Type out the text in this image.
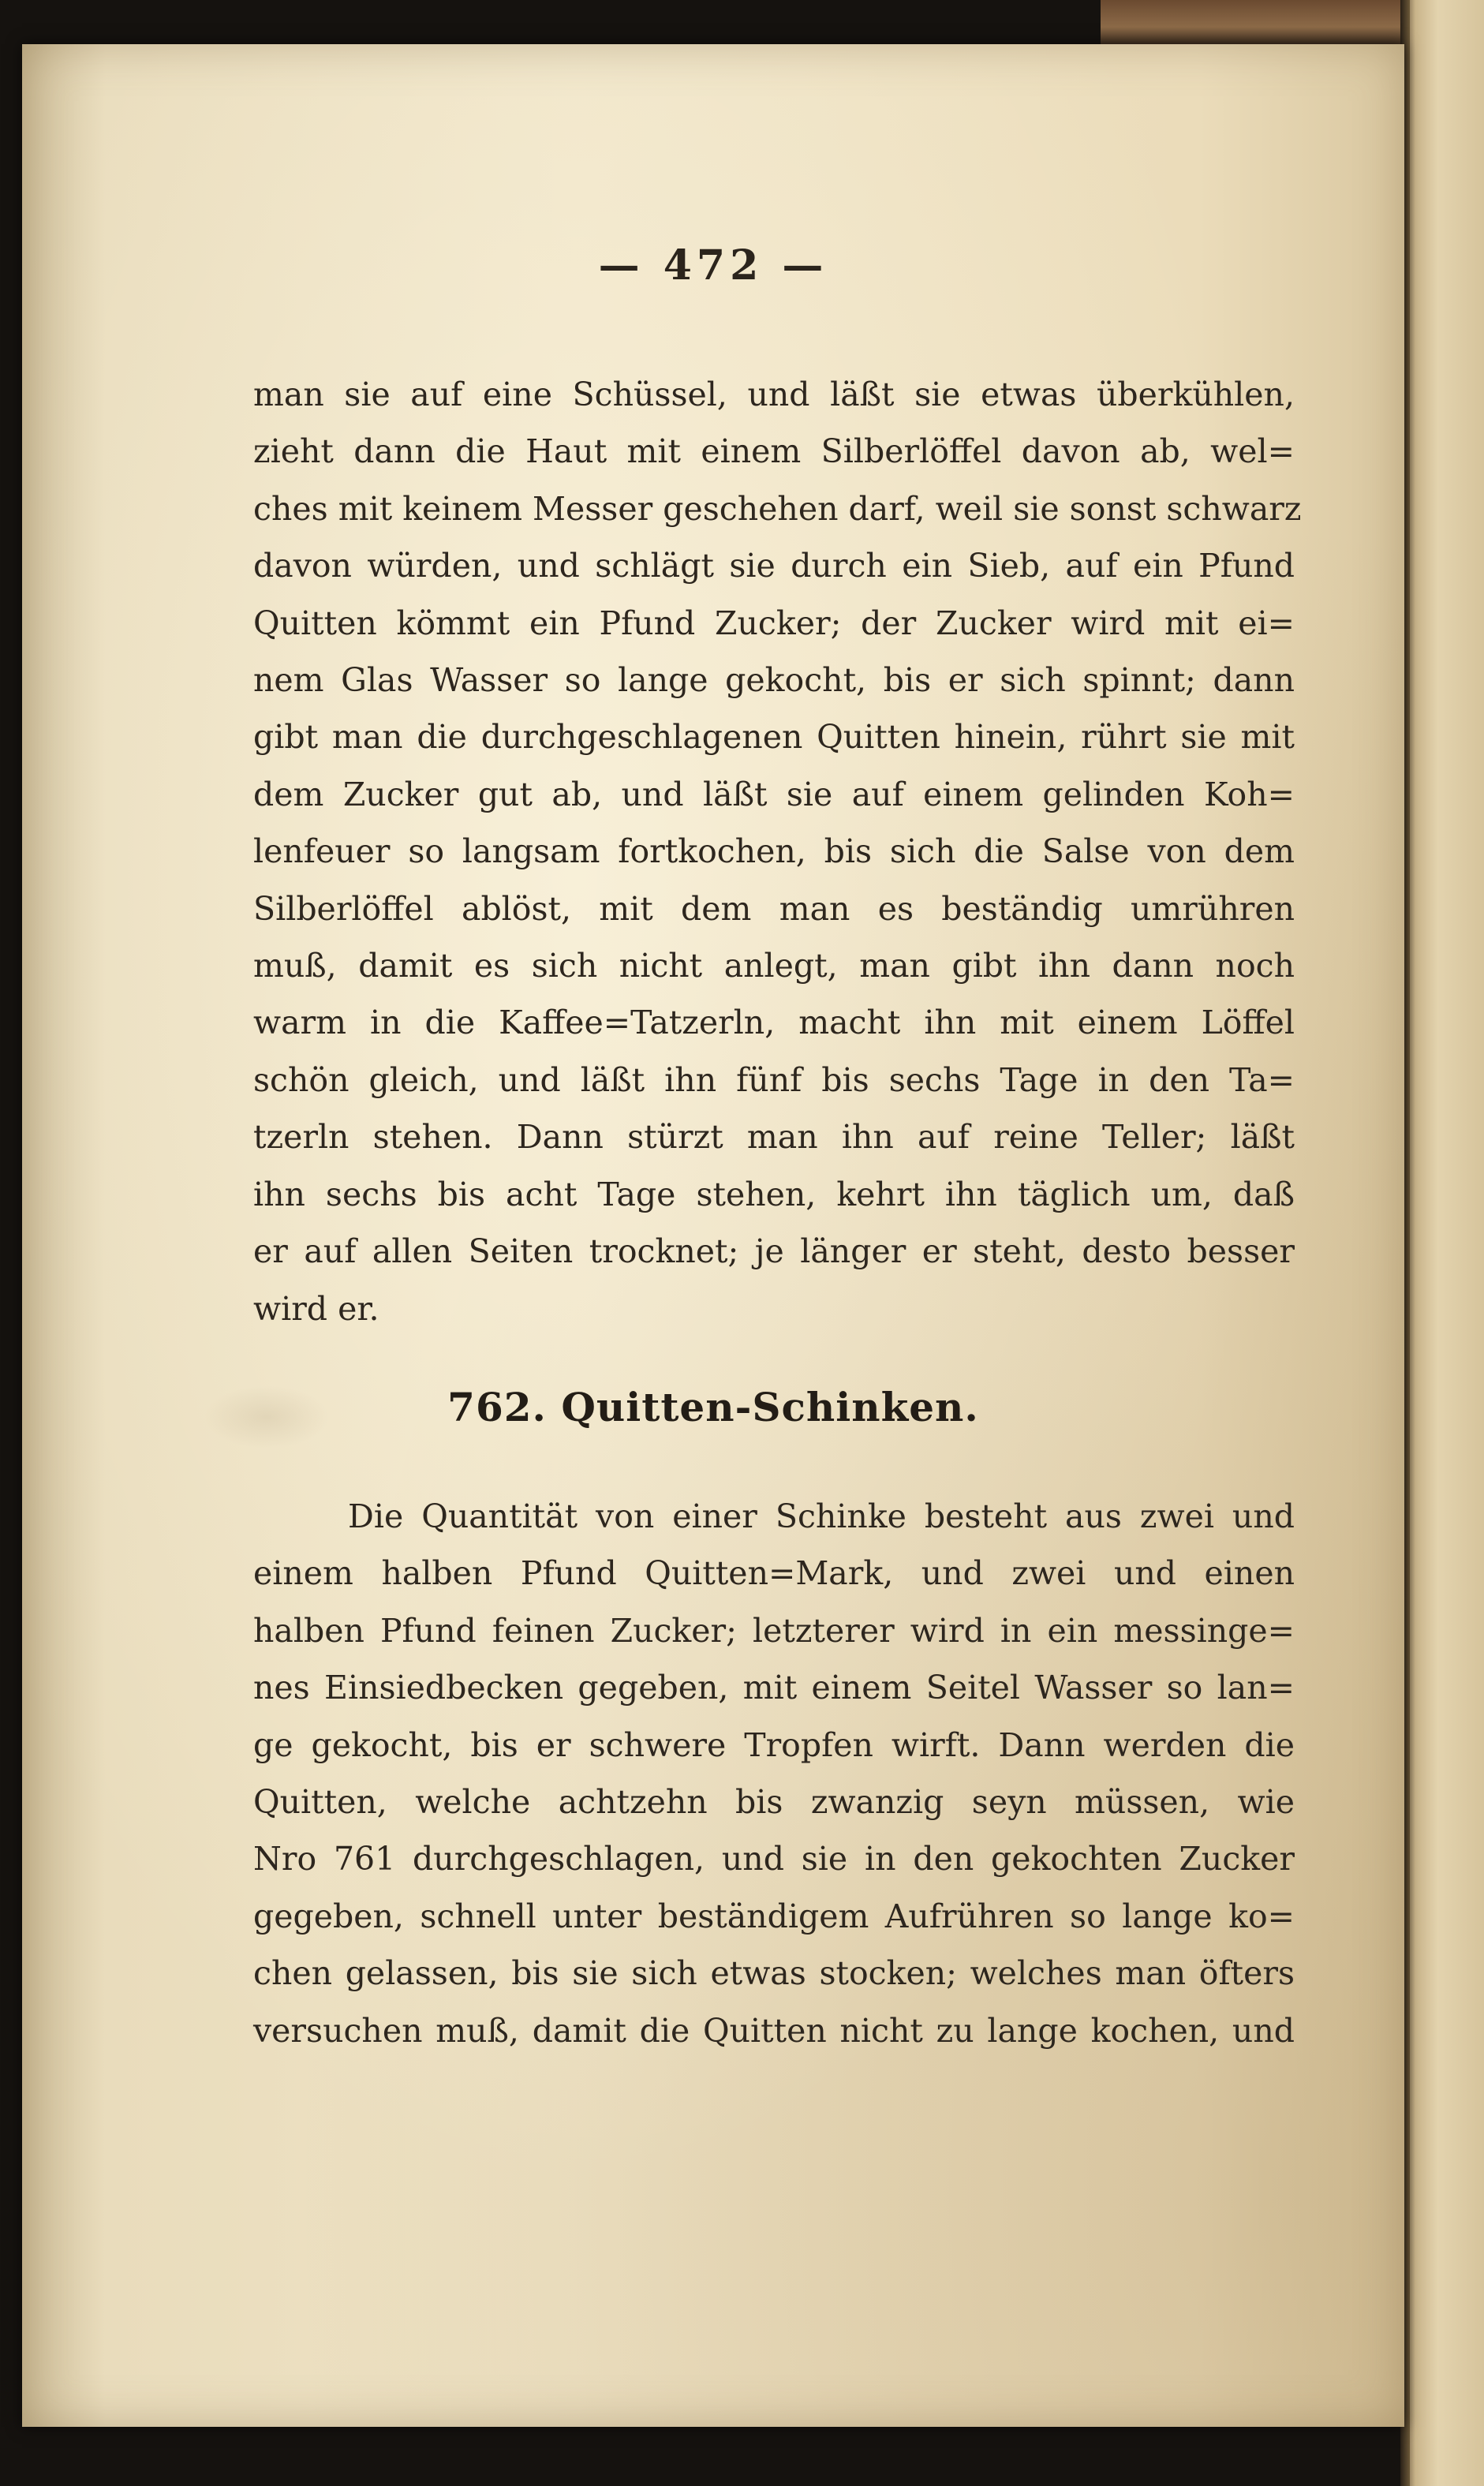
— 472 —
man sie auf eine Schüssel, und läßt sie etwas überkühlen,
zieht dann die Haut mit einem Silberlöffel davon ab, wel=
ches mit keinem Messer geschehen darf, weil sie sonst schwarz
davon würden, und schlägt sie durch ein Sieb, auf ein Pfund
Quitten kömmt ein Pfund Zucker; der Zucker wird mit ei=
nem Glas Wasser so lange gekocht, bis er sich spinnt; dann
gibt man die durchgeschlagenen Quitten hinein, rührt sie mit
dem Zucker gut ab, und läßt sie auf einem gelinden Koh=
lenfeuer so langsam fortkochen, bis sich die Salse von dem
Silberlöffel ablöst, mit dem man es beständig umrühren
muß, damit es sich nicht anlegt, man gibt ihn dann noch
warm in die Kaffee=Tatzerln, macht ihn mit einem Löffel
schön gleich, und läßt ihn fünf bis sechs Tage in den Ta=
tzerln stehen. Dann stürzt man ihn auf reine Teller; läßt
ihn sechs bis acht Tage stehen, kehrt ihn täglich um, daß
er auf allen Seiten trocknet; je länger er steht, desto besser
wird er.
762. Quitten-Schinken.
Die Quantität von einer Schinke besteht aus zwei und
einem halben Pfund Quitten=Mark, und zwei und einen
halben Pfund feinen Zucker; letzterer wird in ein messinge=
nes Einsiedbecken gegeben, mit einem Seitel Wasser so lan=
ge gekocht, bis er schwere Tropfen wirft. Dann werden die
Quitten, welche achtzehn bis zwanzig seyn müssen, wie
Nro 761 durchgeschlagen, und sie in den gekochten Zucker
gegeben, schnell unter beständigem Aufrühren so lange ko=
chen gelassen, bis sie sich etwas stocken; welches man öfters
versuchen muß, damit die Quitten nicht zu lange kochen, und
